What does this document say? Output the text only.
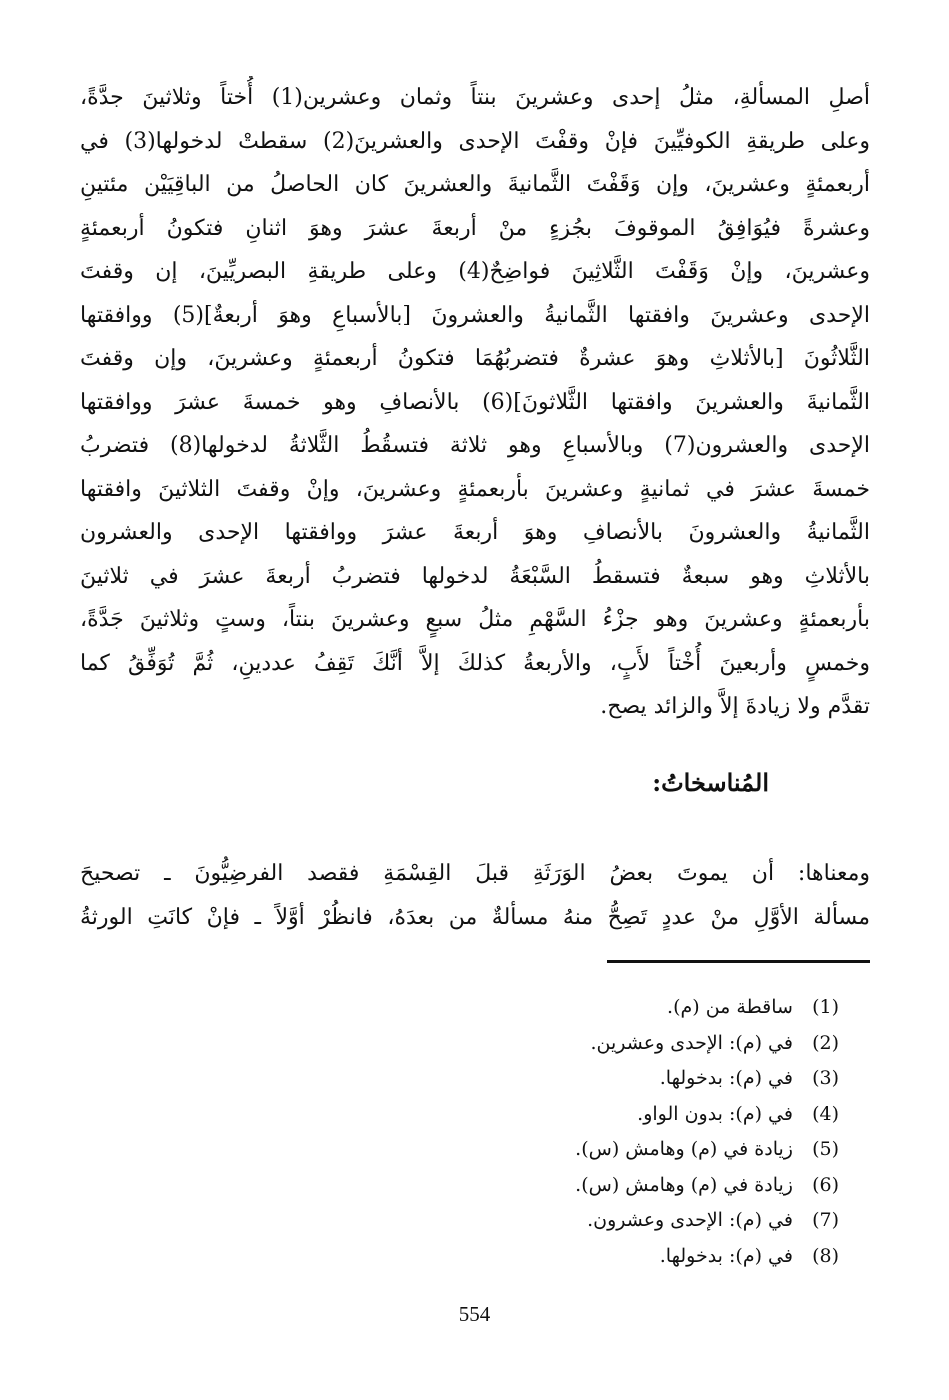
أصلِ المسألةِ، مثلُ إحدى وعشرينَ بنتاً وثمان وعشرين(1) أُختاً وثلاثينَ جدَّةً،
وعلى طريقةِ الكوفيِّينَ فإنْ وقفْتَ الإحدى والعشرينَ(2) سقطتْ لدخولها(3) في
أربعمئةٍ وعشرينَ، وإن وَقَفْتَ الثَّمانيةَ والعشرينَ كان الحاصلُ من الباقِيَيْن مئتينِ
وعشرةً فيُوَافِقُ الموقوفَ بجُزءٍ منْ أربعةَ عشرَ وهوَ اثنانِ فتكونُ أربعمئةٍ
وعشرينَ، وإنْ وَقَفْتَ الثَّلاثِينَ فواضِحٌ(4) وعلى طريقةِ البصريِّينَ، إن وقفتَ
الإحدى وعشرينَ وافقتها الثَّمانيةُ والعشرونَ [بالأسباعِ وهوَ أربعةٌ](5) ووافقتها
الثَّلاثُونَ [بالأثلاثِ وهوَ عشرةٌ فتضربُهُمَا فتكونُ أربعمئةٍ وعشرينَ، وإن وقفتَ
الثَّمانيةَ والعشرينَ وافقتها الثَّلاثونَ](6) بالأنصافِ وهو خمسةَ عشرَ ووافقتها
الإحدى والعشرون(7) وبالأسباعِ وهو ثلاثة فتسقُطُ الثَّلاثةُ لدخولها(8) فتضربُ
خمسةَ عشرَ في ثمانيةٍ وعشرينَ بأربعمئةٍ وعشرينَ، وإنْ وقفتَ الثلاثينَ وافقتها
الثَّمانيةُ والعشرونَ بالأنصافِ وهوَ أربعةَ عشرَ ووافقتها الإحدى والعشرون
بالأثلاثِ وهو سبعةٌ فتسقطُ السَّبْعَةُ لدخولها فتضربُ أربعةَ عشرَ في ثلاثينَ
بأربعمئةٍ وعشرينَ وهو جزْءُ السَّهْمِ مثلُ سبعٍ وعشرينَ بنتاً، وستٍ وثلاثينَ جَدَّةً،
وخمسٍ وأربعينَ أُخْتاً لأَبٍ، والأربعةُ كذلكَ إلاَّ أنَّكَ تَقِفُ عددينِ، ثُمَّ تُوَفِّقُ كما
تقدَّم ولا زيادةَ إلاَّ والزائد يصح.
المُناسخاتُ:
ومعناها: أن يموتَ بعضُ الوَرَثَةِ قبلَ القِسْمَةِ فقصد الفرضِيُّونَ ـ تصحيحَ
مسألة الأوَّلِ منْ عددٍ تَصِحُّ منهُ مسألةٌ من بعدَهُ، فانظُرْ أوَّلاً ـ فإنْ كانَتِ الورثةُ
(1) ساقطة من (م).
(2) في (م): الإحدى وعشرين.
(3) في (م): بدخولها.
(4) في (م): بدون الواو.
(5) زيادة في (م) وهامش (س).
(6) زيادة في (م) وهامش (س).
(7) في (م): الإحدى وعشرون.
(8) في (م): بدخولها.
554
